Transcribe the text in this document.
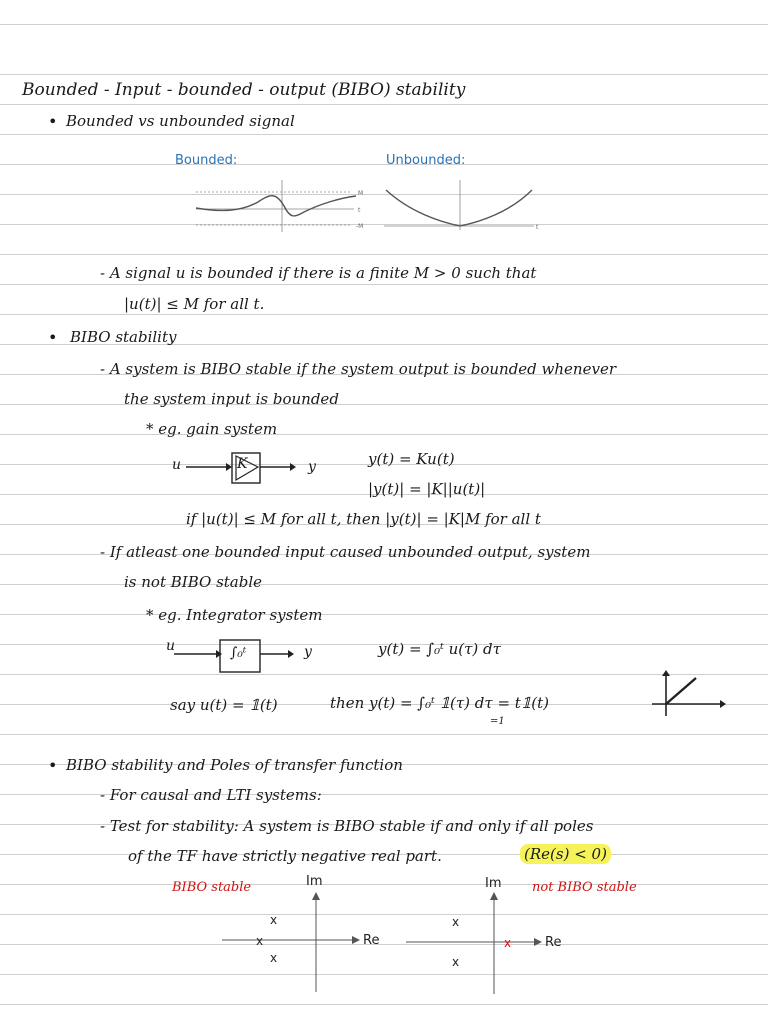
Bounded - Input - bounded - output (BIBO) stability
• Bounded vs unbounded signal
Bounded:	Unbounded:
M
t
-M	t
- A signal u is bounded if there is a finite M > 0 such that
|u(t)| ≤ M for all t.
• BIBO stability
- A system is BIBO stable if the system output is bounded whenever
the system input is bounded
* eg. gain system
u	K	y	y(t) = Ku(t)
|y(t)| = |K||u(t)|
if |u(t)| ≤ M for all t, then |y(t)| = |K|M for all t
- If atleast one bounded input caused unbounded output, system
is not BIBO stable
* eg. Integrator system
u	∫₀ᵗ	y	y(t) = ∫₀ᵗ u(τ) dτ
say u(t) = 𝟙(t)	then y(t) = ∫₀ᵗ 𝟙(τ) dτ = t𝟙(t)
=1
• BIBO stability and Poles of transfer function
- For causal and LTI systems:
- Test for stability: A system is BIBO stable if and only if all poles
of the TF have strictly negative real part.	(Re(s) < 0)
BIBO stable	not BIBO stable
Im	Im
x
x
x
Re
x
x
x
Re
